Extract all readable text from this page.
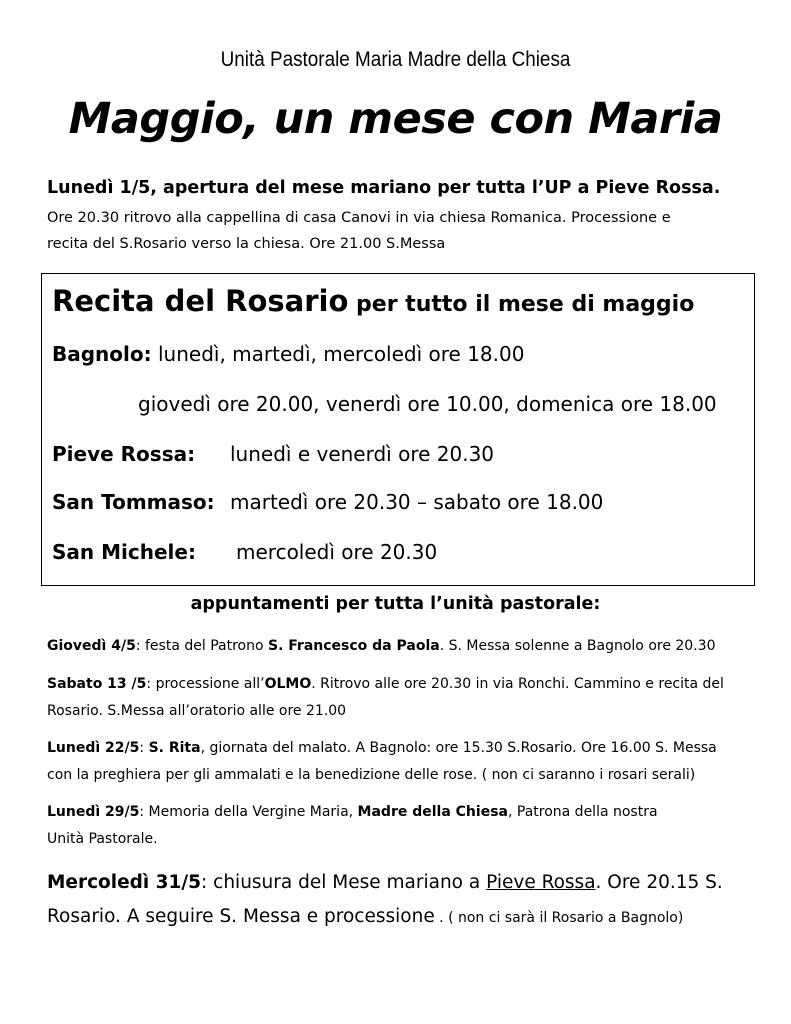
Unità Pastorale Maria Madre della Chiesa
Maggio, un mese con Maria
Lunedì 1/5, apertura del mese mariano per tutta l’UP a Pieve Rossa.
Ore 20.30 ritrovo alla cappellina di casa Canovi in via chiesa Romanica. Processione e
recita del S.Rosario verso la chiesa. Ore 21.00 S.Messa
Recita del Rosario per tutto il mese di maggio
Bagnolo: lunedì, martedì, mercoledì ore 18.00
giovedì ore 20.00, venerdì ore 10.00, domenica ore 18.00
Pieve Rossa: lunedì e venerdì ore 20.30
San Tommaso: martedì ore 20.30 – sabato ore 18.00
San Michele: mercoledì ore 20.30
appuntamenti per tutta l’unità pastorale:
Giovedì 4/5: festa del Patrono S. Francesco da Paola. S. Messa solenne a Bagnolo ore 20.30
Sabato 13 /5: processione all’OLMO. Ritrovo alle ore 20.30 in via Ronchi. Cammino e recita del
Rosario. S.Messa all’oratorio alle ore 21.00
Lunedì 22/5: S. Rita, giornata del malato. A Bagnolo: ore 15.30 S.Rosario. Ore 16.00 S. Messa
con la preghiera per gli ammalati e la benedizione delle rose. ( non ci saranno i rosari serali)
Lunedì 29/5: Memoria della Vergine Maria, Madre della Chiesa, Patrona della nostra
Unità Pastorale.
Mercoledì 31/5: chiusura del Mese mariano a Pieve Rossa. Ore 20.15 S.
Rosario. A seguire S. Messa e processione . ( non ci sarà il Rosario a Bagnolo)
